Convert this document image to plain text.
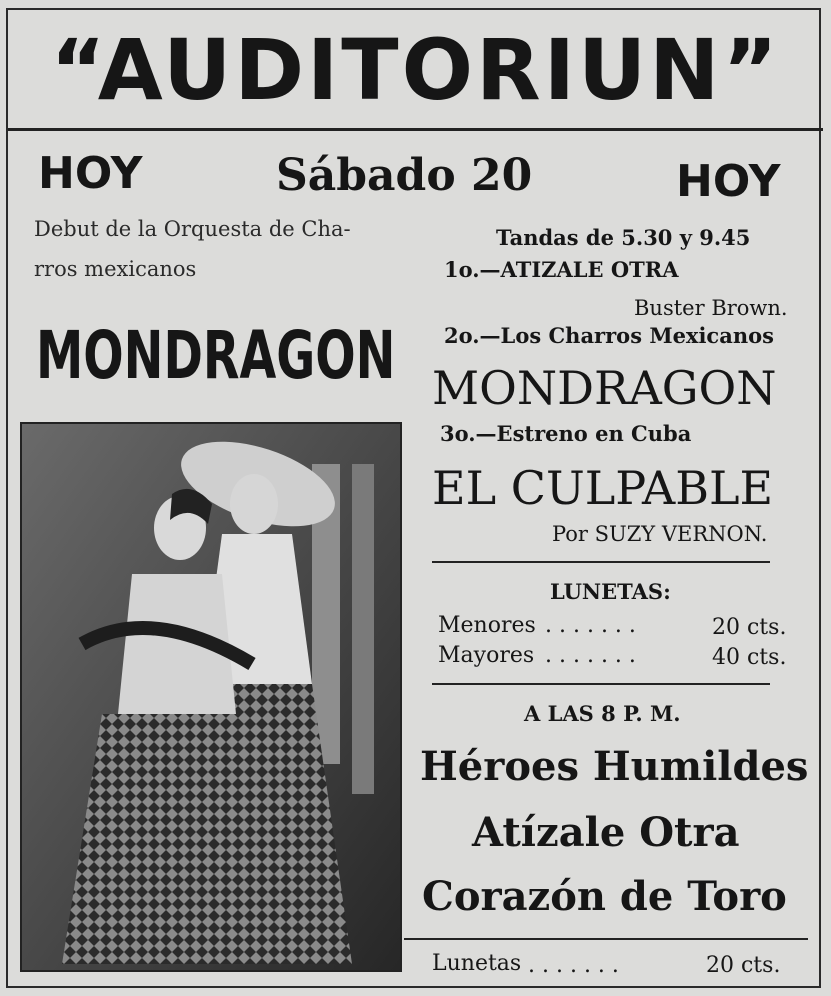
“AUDITORIUN”
HOY	Sábado 20	HOY
Debut de la Orquesta de Cha-
rros mexicanos
MONDRAGON
Tandas de 5.30 y 9.45
1o.—ATIZALE OTRA
Buster Brown.
2o.—Los Charros Mexicanos
MONDRAGON
3o.—Estreno en Cuba
EL CULPABLE
Por SUZY VERNON.
LUNETAS:
Menores . . . . . . .	20 cts.
Mayores . . . . . . .	40 cts.
A LAS 8 P. M.
Héroes Humildes
Atízale Otra
Corazón de Toro
Lunetas . . . . . . .	20 cts.
